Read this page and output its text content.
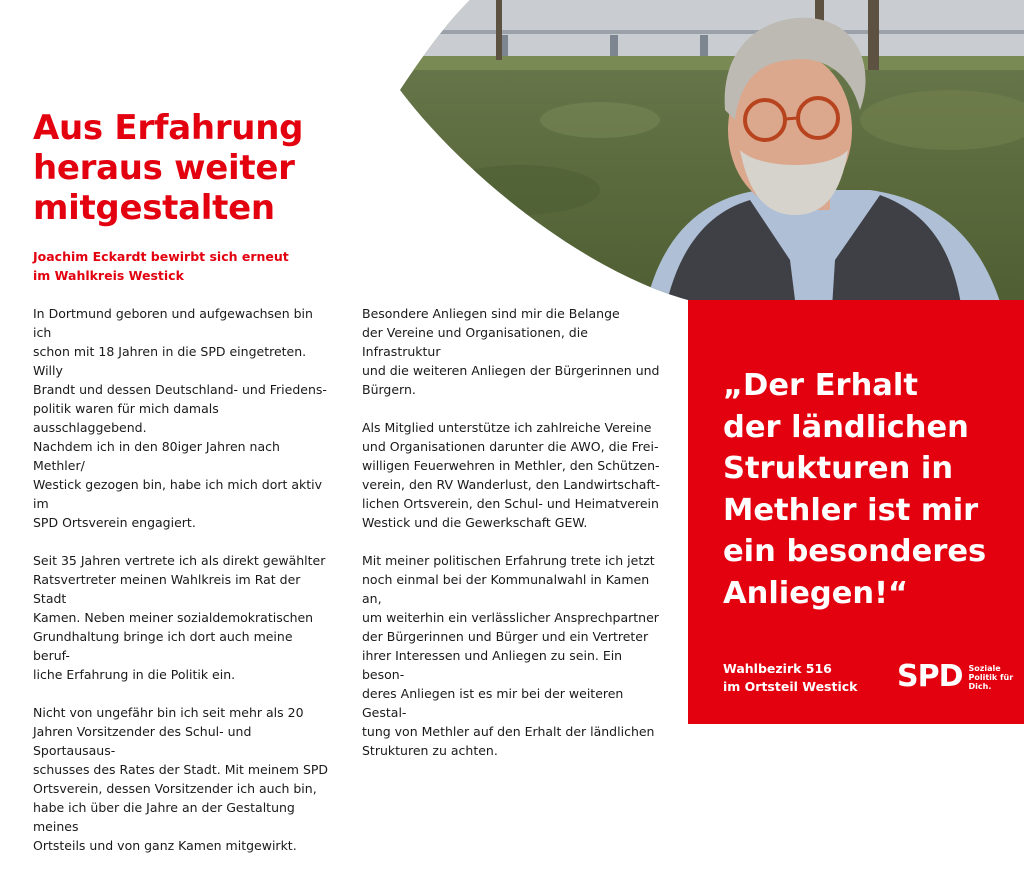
Aus Erfahrung
heraus weiter
mitgestalten

Joachim Eckardt bewirbt sich erneut
im Wahlkreis Westick

In Dortmund geboren und aufgewachsen bin ich
schon mit 18 Jahren in die SPD eingetreten. Willy
Brandt und dessen Deutschland- und Friedens-
politik waren für mich damals ausschlaggebend.
Nachdem ich in den 80iger Jahren nach Methler/
Westick gezogen bin, habe ich mich dort aktiv im
SPD Ortsverein engagiert.

Seit 35 Jahren vertrete ich als direkt gewählter
Ratsvertreter meinen Wahlkreis im Rat der Stadt
Kamen. Neben meiner sozialdemokratischen
Grundhaltung bringe ich dort auch meine beruf-
liche Erfahrung in die Politik ein.

Nicht von ungefähr bin ich seit mehr als 20
Jahren Vorsitzender des Schul- und Sportausaus-
schusses des Rates der Stadt. Mit meinem SPD
Ortsverein, dessen Vorsitzender ich auch bin,
habe ich über die Jahre an der Gestaltung meines
Ortsteils und von ganz Kamen mitgewirkt.

Besondere Anliegen sind mir die Belange
der Vereine und Organisationen, die Infrastruktur
und die weiteren Anliegen der Bürgerinnen und
Bürgern.

Als Mitglied unterstütze ich zahlreiche Vereine
und Organisationen darunter die AWO, die Frei-
willigen Feuerwehren in Methler, den Schützen-
verein, den RV Wanderlust, den Landwirtschaft-
lichen Ortsverein, den Schul- und Heimatverein
Westick und die Gewerkschaft GEW.

Mit meiner politischen Erfahrung trete ich jetzt
noch einmal bei der Kommunalwahl in Kamen an,
um weiterhin ein verlässlicher Ansprechpartner
der Bürgerinnen und Bürger und ein Vertreter
ihrer Interessen und Anliegen zu sein. Ein beson-
deres Anliegen ist es mir bei der weiteren Gestal-
tung von Methler auf den Erhalt der ländlichen
Strukturen zu achten.

„Der Erhalt
der ländlichen
Strukturen in
Methler ist mir
ein besonderes
Anliegen!“

Wahlbezirk 516
im Ortsteil Westick SPD Soziale
Politik für
Dich.
